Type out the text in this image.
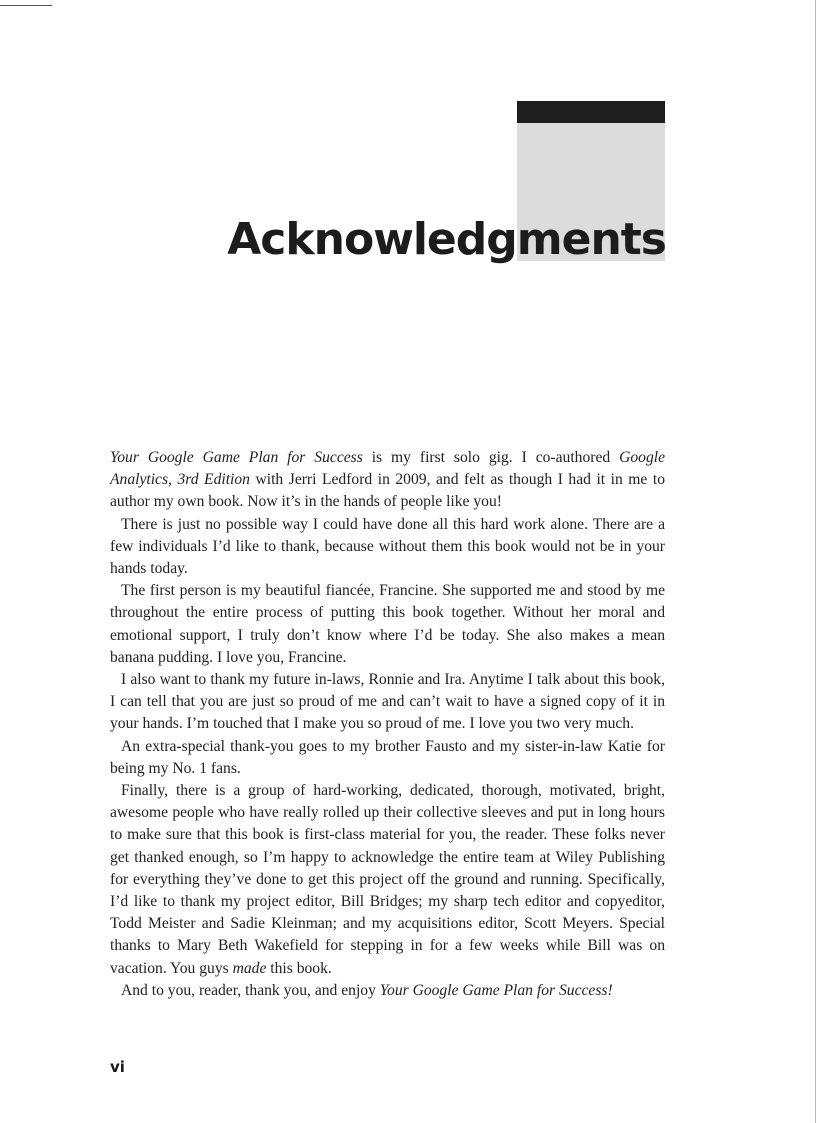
Acknowledgments

Your Google Game Plan for Success is my first solo gig. I co-authored Google Analytics, 3rd Edition with Jerri Ledford in 2009, and felt as though I had it in me to author my own book. Now it’s in the hands of people like you!

There is just no possible way I could have done all this hard work alone. There are a few individuals I’d like to thank, because without them this book would not be in your hands today.

The first person is my beautiful fiancée, Francine. She supported me and stood by me throughout the entire process of putting this book together. Without her moral and emotional support, I truly don’t know where I’d be today. She also makes a mean banana pudding. I love you, Francine.

I also want to thank my future in-laws, Ronnie and Ira. Anytime I talk about this book, I can tell that you are just so proud of me and can’t wait to have a signed copy of it in your hands. I’m touched that I make you so proud of me. I love you two very much.

An extra-special thank-you goes to my brother Fausto and my sister-in-law Katie for being my No. 1 fans.

Finally, there is a group of hard-working, dedicated, thorough, motivated, bright, awesome people who have really rolled up their collective sleeves and put in long hours to make sure that this book is first-class material for you, the reader. These folks never get thanked enough, so I’m happy to acknowledge the entire team at Wiley Publishing for everything they’ve done to get this project off the ground and running. Specifically, I’d like to thank my project editor, Bill Bridges; my sharp tech editor and copyeditor, Todd Meister and Sadie Kleinman; and my acquisitions editor, Scott Meyers. Special thanks to Mary Beth Wakefield for stepping in for a few weeks while Bill was on vacation. You guys made this book.

And to you, reader, thank you, and enjoy Your Google Game Plan for Success!

vi
